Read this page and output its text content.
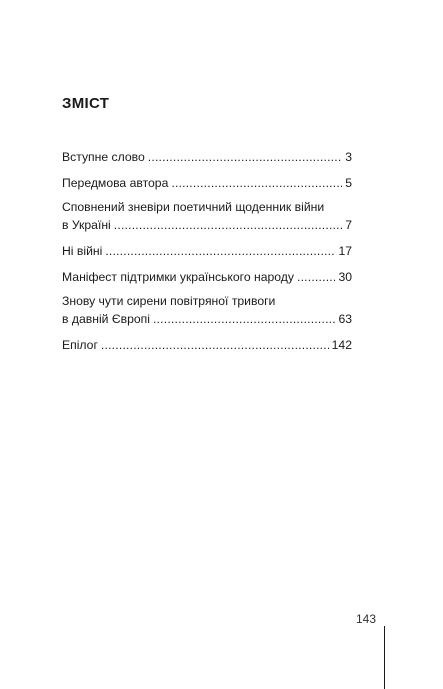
ЗМІСТ
Вступне слово .....	3
Передмова автора .....	5
Сповнений зневіри поетичний щоденник війни
в Україні .....	7
Ні війні .....	17
Маніфест підтримки українського народу .....	30
Знову чути сирени повітряної тривоги
в давній Європі .....	63
Епілог .....	142
143
